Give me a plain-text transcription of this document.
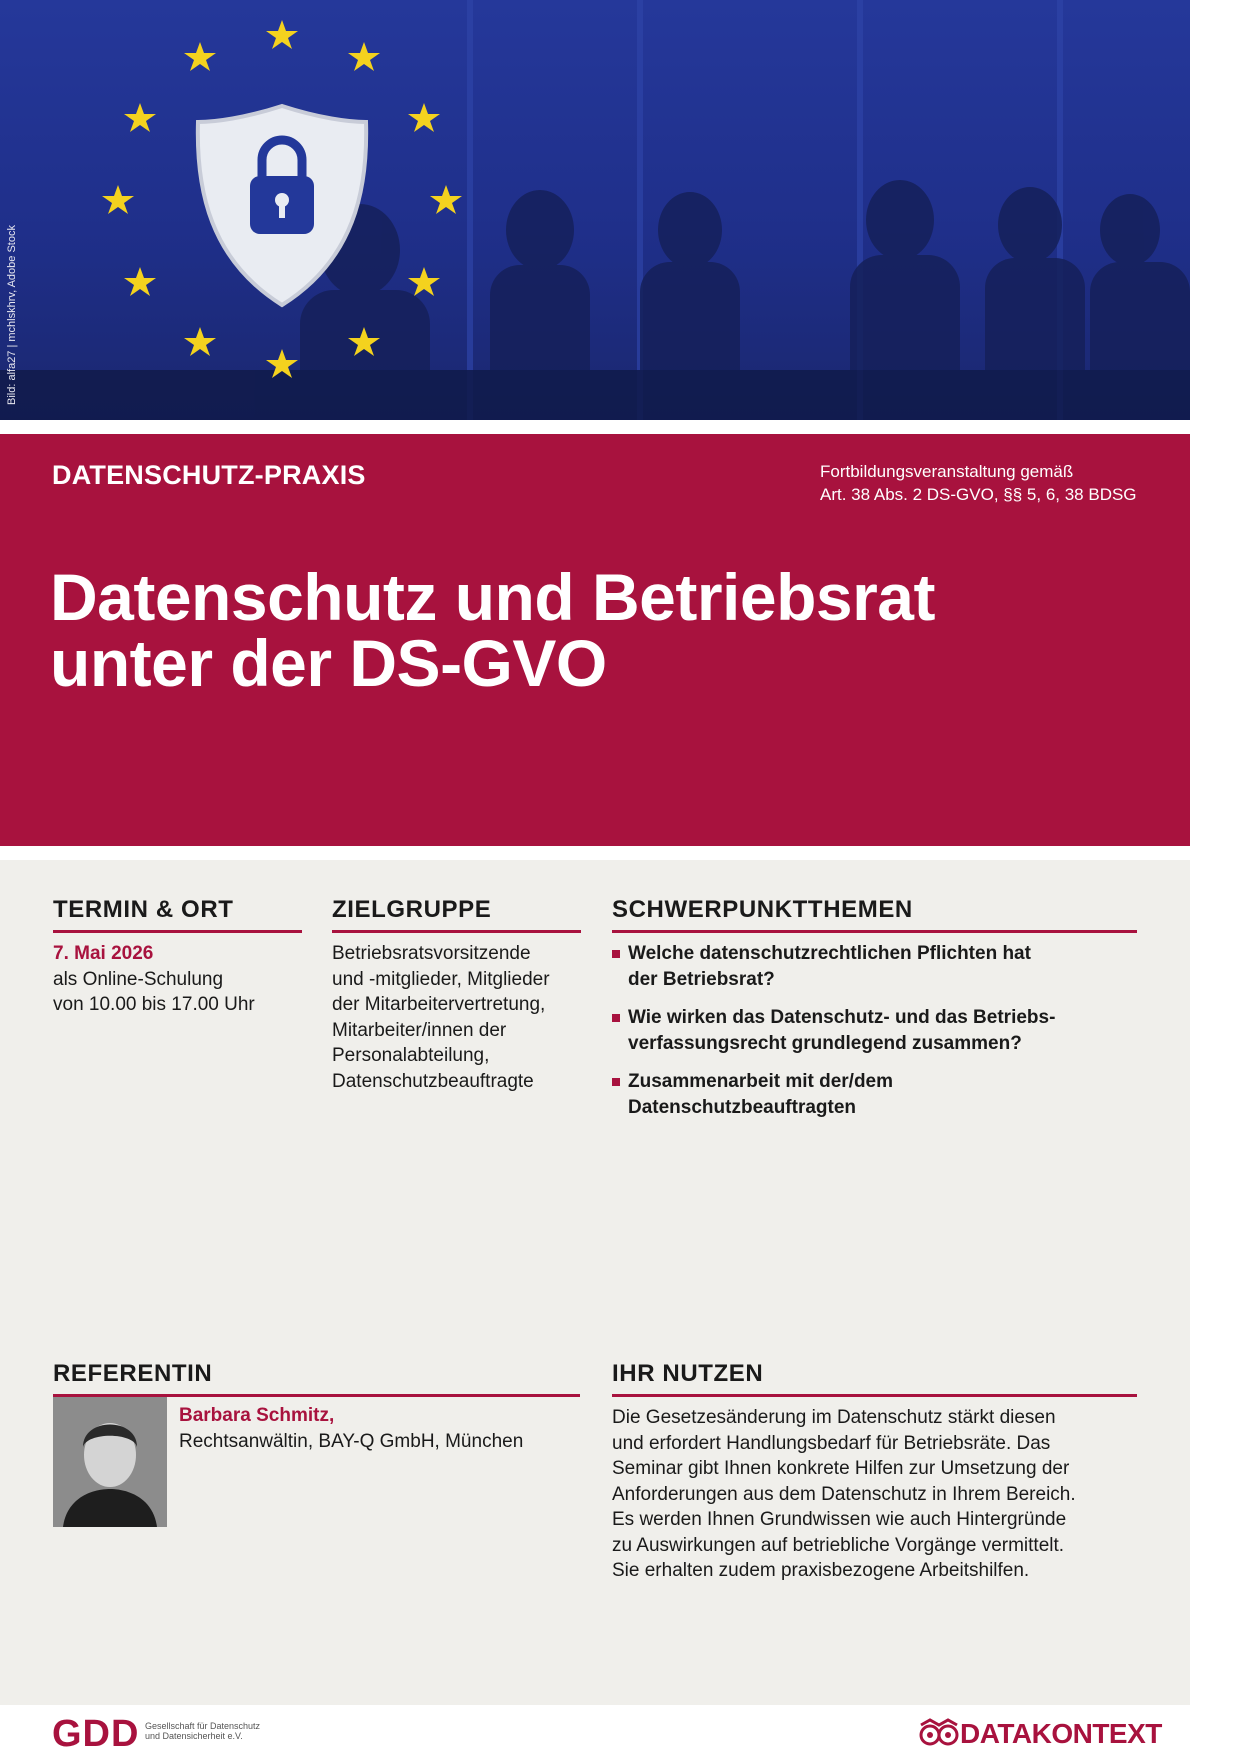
Bild: alfa27 | mchlskhrv, Adobe Stock
DATENSCHUTZ-PRAXIS	Fortbildungsveranstaltung gemäß
Art. 38 Abs. 2 DS-GVO, §§ 5, 6, 38 BDSG
Datenschutz und Betriebsrat
unter der DS-GVO
TERMIN & ORT
7. Mai 2026
als Online-Schulung
von 10.00 bis 17.00 Uhr
ZIELGRUPPE
Betriebsratsvorsitzende
und -mitglieder, Mitglieder
der Mitarbeitervertretung,
Mitarbeiter/innen der
Personalabteilung,
Datenschutzbeauftragte
SCHWERPUNKTTHEMEN
Welche datenschutzrechtlichen Pflichten hat
der Betriebsrat?
Wie wirken das Datenschutz- und das Betriebs-
verfassungsrecht grundlegend zusammen?
Zusammenarbeit mit der/dem
Datenschutzbeauftragten
REFERENTIN
Barbara Schmitz,
Rechtsanwältin, BAY-Q GmbH, München
IHR NUTZEN
Die Gesetzesänderung im Datenschutz stärkt diesen
und erfordert Handlungsbedarf für Betriebsräte. Das
Seminar gibt Ihnen konkrete Hilfen zur Umsetzung der
Anforderungen aus dem Datenschutz in Ihrem Bereich.
Es werden Ihnen Grundwissen wie auch Hintergründe
zu Auswirkungen auf betriebliche Vorgänge vermittelt.
Sie erhalten zudem praxisbezogene Arbeitshilfen.
GDD Gesellschaft für Datenschutz
und Datensicherheit e.V.	DATAKONTEXT
